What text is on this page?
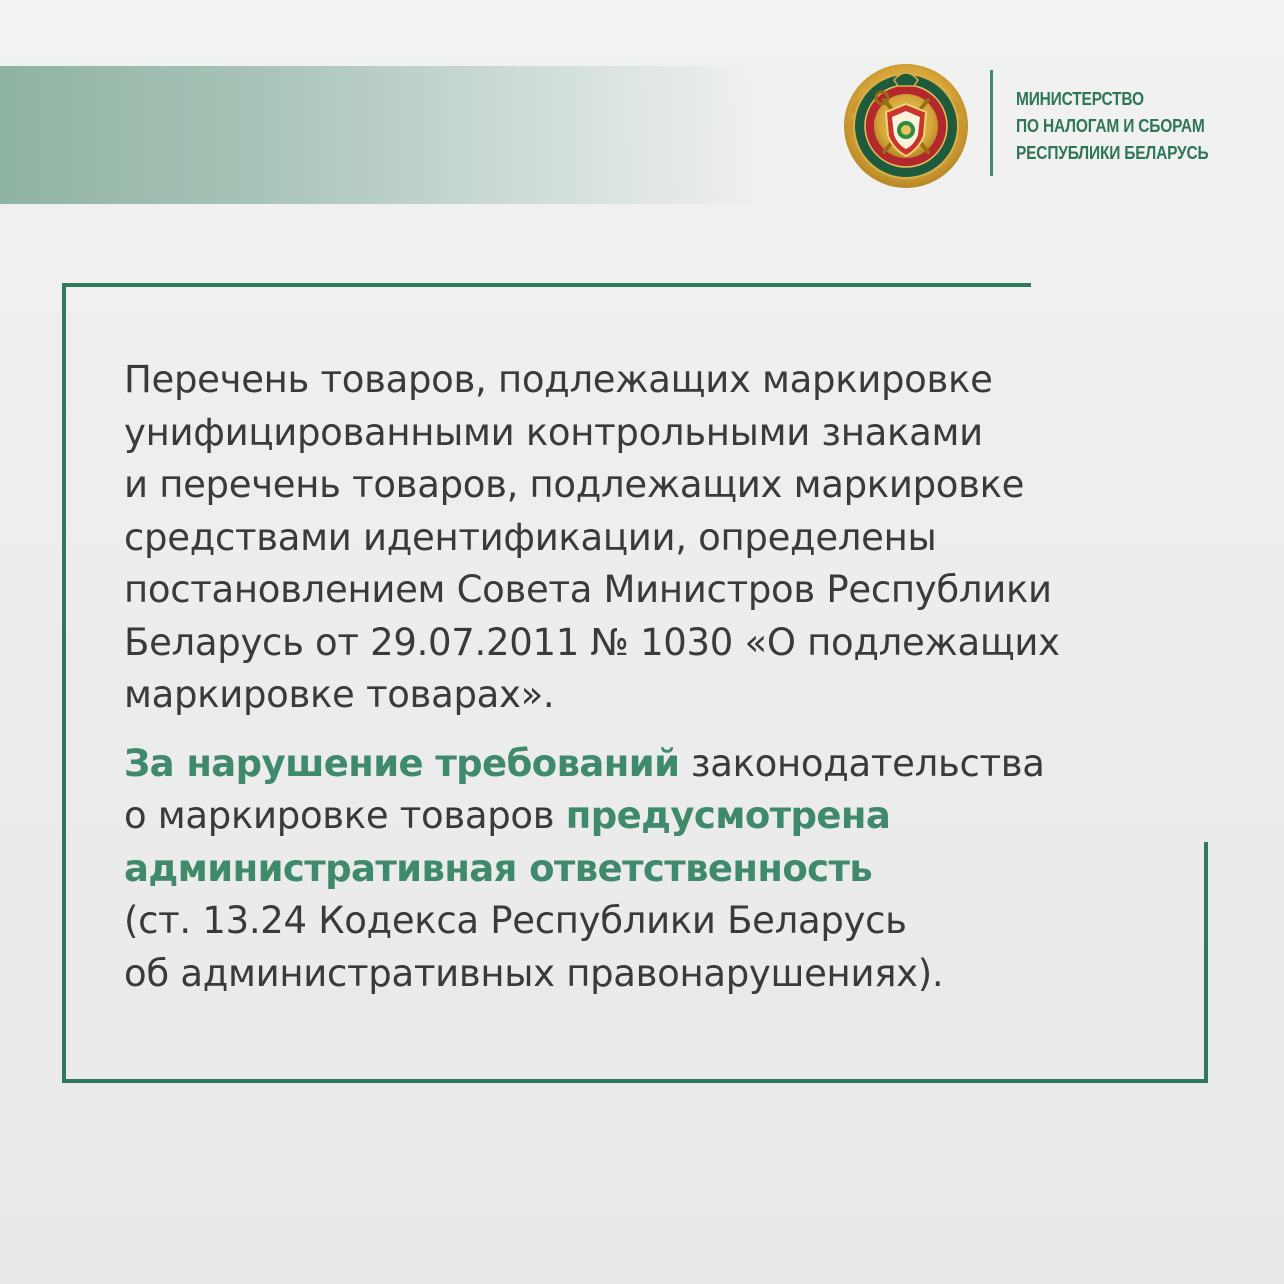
МИНИСТЕРСТВО
ПО НАЛОГАМ И СБОРАМ
РЕСПУБЛИКИ БЕЛАРУСЬ

Перечень товаров, подлежащих маркировке
унифицированными контрольными знаками
и перечень товаров, подлежащих маркировке
средствами идентификации, определены
постановлением Совета Министров Республики
Беларусь от 29.07.2011 № 1030 «О подлежащих
маркировке товарах».

За нарушение требований законодательства
о маркировке товаров предусмотрена
административная ответственность
(ст. 13.24 Кодекса Республики Беларусь
об административных правонарушениях).
